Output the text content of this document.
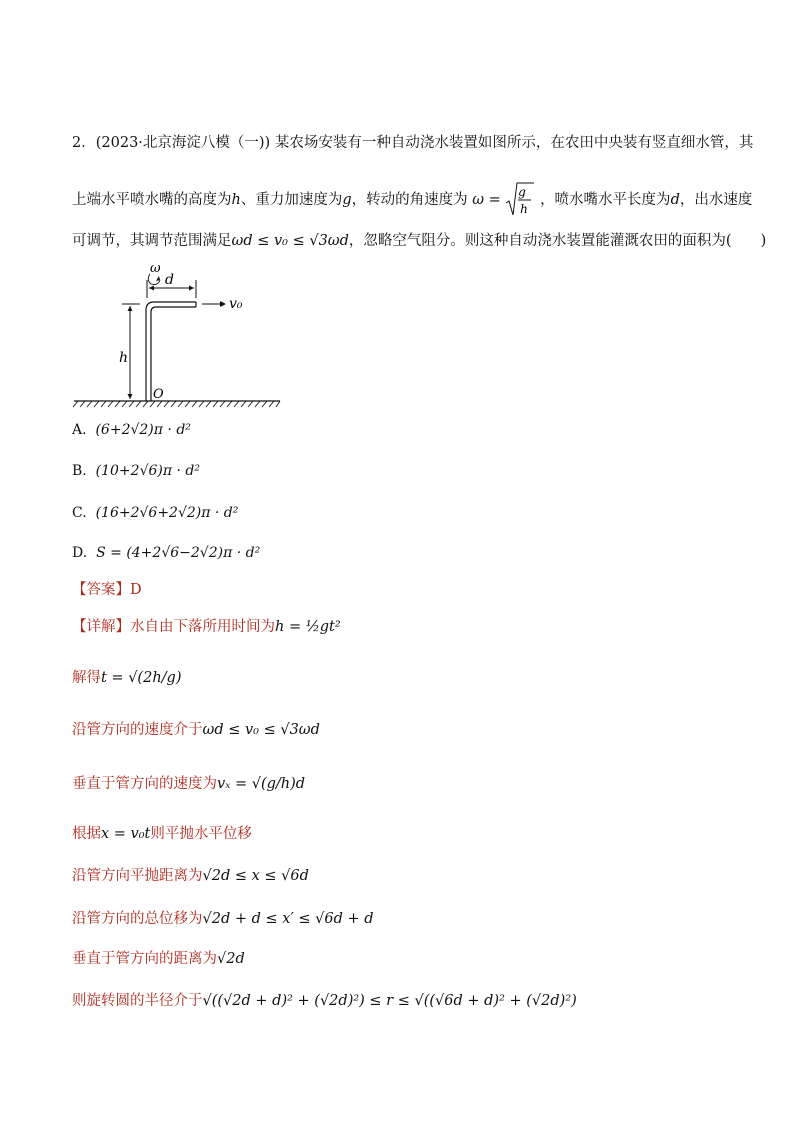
2．(2023·北京海淀八模（一)) 某农场安装有一种自动浇水装置如图所示，在农田中央装有竖直细水管，其
上端水平喷水嘴的高度为h、重力加速度为g，转动的角速度为 ω = g
h
，喷水嘴水平长度为d，出水速度
可调节，其调节范围满足ωd ≤ v₀ ≤ √3ωd，忽略空气阻分。则这种自动浇水装置能灌溉农田的面积为(　　)
d
ω
v₀
h
O
A. (6+2√2)π · d²
B. (10+2√6)π · d²
C. (16+2√6+2√2)π · d²
D. S = (4+2√6−2√2)π · d²
【答案】D
【详解】水自由下落所用时间为h = ½gt²
解得t = √(2h/g)
沿管方向的速度介于ωd ≤ v₀ ≤ √3ωd
垂直于管方向的速度为vₓ = √(g/h)d
根据x = v₀t则平抛水平位移
沿管方向平抛距离为√2d ≤ x ≤ √6d
沿管方向的总位移为√2d + d ≤ x′ ≤ √6d + d
垂直于管方向的距离为√2d
则旋转圆的半径介于√((√2d + d)² + (√2d)²) ≤ r ≤ √((√6d + d)² + (√2d)²)
